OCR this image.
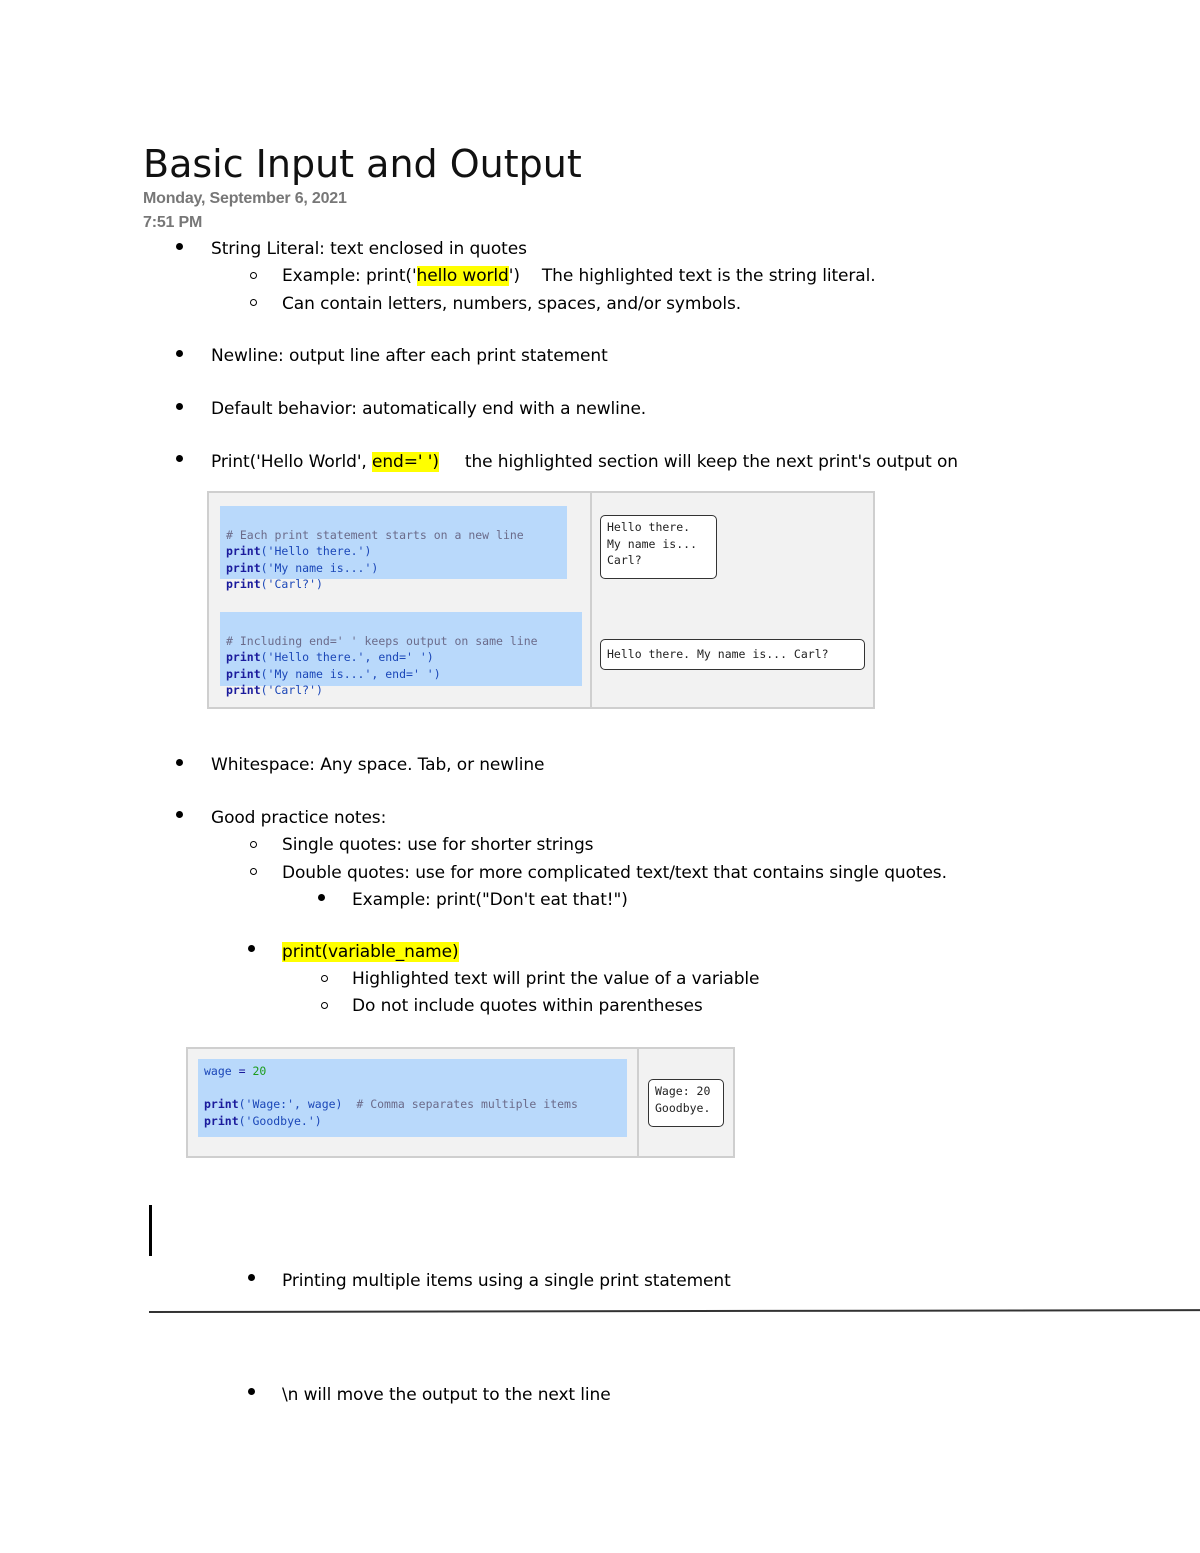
Basic Input and Output
Monday, September 6, 2021
7:51 PM
String Literal: text enclosed in quotes
Example: print('hello world') The highlighted text is the string literal.
Can contain letters, numbers, spaces, and/or symbols.
Newline: output line after each print statement
Default behavior: automatically end with a newline.
Print('Hello World', end=' ') the highlighted section will keep the next print's output on

# Each print statement starts on a new line
print('Hello there.')
print('My name is...')
print('Carl?')

# Including end=' ' keeps output on same line
print('Hello there.', end=' ')
print('My name is...', end=' ')
print('Carl?')
Hello there.
My name is...
Carl?
Hello there. My name is... Carl?
Whitespace: Any space. Tab, or newline
Good practice notes:
Single quotes: use for shorter strings
Double quotes: use for more complicated text/text that contains single quotes.
Example: print("Don't eat that!")
print(variable_name)
Highlighted text will print the value of a variable
Do not include quotes within parentheses
wage = 20

print('Wage:', wage) # Comma separates multiple items
print('Goodbye.')
Wage: 20
Goodbye.
Printing multiple items using a single print statement
\n will move the output to the next line
